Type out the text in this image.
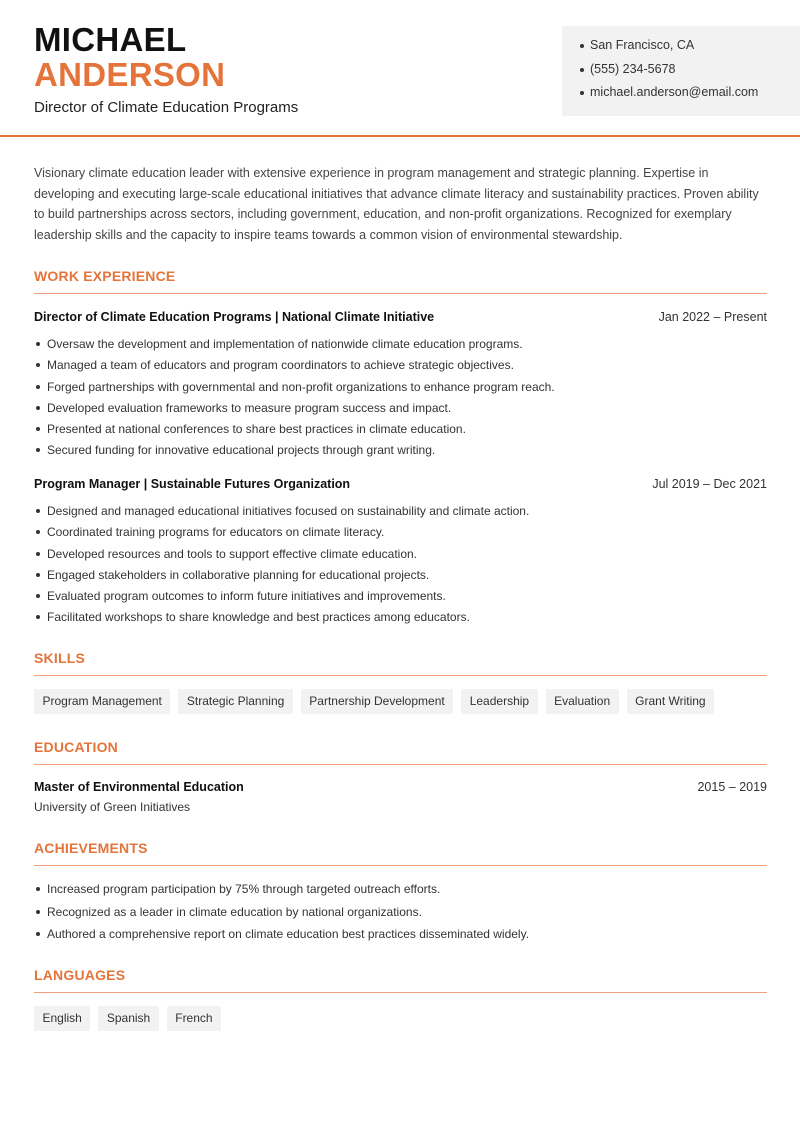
MICHAEL
ANDERSON
Director of Climate Education Programs
San Francisco, CA
(555) 234-5678
michael.anderson@email.com

Visionary climate education leader with extensive experience in program management and strategic planning. Expertise in developing and executing large-scale educational initiatives that advance climate literacy and sustainability practices. Proven ability to build partnerships across sectors, including government, education, and non-profit organizations. Recognized for exemplary leadership skills and the capacity to inspire teams towards a common vision of environmental stewardship.

WORK EXPERIENCE
Director of Climate Education Programs | National Climate Initiative	Jan 2022 – Present
Oversaw the development and implementation of nationwide climate education programs.
Managed a team of educators and program coordinators to achieve strategic objectives.
Forged partnerships with governmental and non-profit organizations to enhance program reach.
Developed evaluation frameworks to measure program success and impact.
Presented at national conferences to share best practices in climate education.
Secured funding for innovative educational projects through grant writing.
Program Manager | Sustainable Futures Organization	Jul 2019 – Dec 2021
Designed and managed educational initiatives focused on sustainability and climate action.
Coordinated training programs for educators on climate literacy.
Developed resources and tools to support effective climate education.
Engaged stakeholders in collaborative planning for educational projects.
Evaluated program outcomes to inform future initiatives and improvements.
Facilitated workshops to share knowledge and best practices among educators.
SKILLS
Program Management	Strategic Planning	Partnership Development	Leadership	Evaluation	Grant Writing
EDUCATION
Master of Environmental Education	2015 – 2019
University of Green Initiatives
ACHIEVEMENTS
Increased program participation by 75% through targeted outreach efforts.
Recognized as a leader in climate education by national organizations.
Authored a comprehensive report on climate education best practices disseminated widely.
LANGUAGES
English	Spanish	French
